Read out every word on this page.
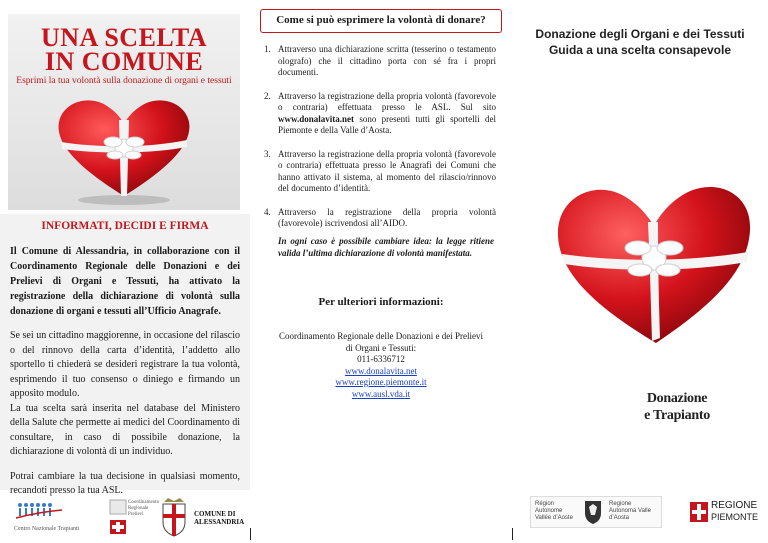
UNA SCELTA
IN COMUNE
Esprimi la tua volontà sulla donazione di organi e tessuti
INFORMATI, DECIDI E FIRMA

Il Comune di Alessandria, in collaborazione con il Coordinamento Regionale delle Donazioni e dei Prelievi di Organi e Tessuti, ha attivato la registrazione della dichiarazione di volontà sulla donazione di organi e tessuti all’Ufficio Anagrafe.

Se sei un cittadino maggiorenne, in occasione del rilascio o del rinnovo della carta d’identità, l’addetto allo sportello ti chiederà se desideri registrare la tua volontà, esprimendo il tuo consenso o diniego e firmando un apposito modulo.

La tua scelta sarà inserita nel database del Ministero della Salute che permette ai medici del Coordinamento di consultare, in caso di possibile donazione, la dichiarazione di volontà di un individuo.

Potrai cambiare la tua decisione in qualsiasi momento, recandoti presso la tua ASL.

Centro Nazionale Trapianti
Coordinamento Regionale Prelievi	COMUNE DI ALESSANDRIA
Come si può esprimere la volontà di donare?
1. Attraverso una dichiarazione scritta (tesserino o testamento olografo) che il cittadino porta con sé fra i propri documenti.
2. Attraverso la registrazione della propria volontà (favorevole o contraria) effettuata presso le ASL. Sul sito www.donalavita.net sono presenti tutti gli sportelli del Piemonte e della Valle d’Aosta.
3. Attraverso la registrazione della propria volontà (favorevole o contraria) effettuata presso le Anagrafi dei Comuni che hanno attivato il sistema, al momento del rilascio/rinnovo del documento d’identità.
4. Attraverso la registrazione della propria volontà (favorevole) iscrivendosi all’AIDO.
In ogni caso è possibile cambiare idea: la legge ritiene valida l’ultima dichiarazione di volontà manifestata.
Per ulteriori informazioni:
Coordinamento Regionale delle Donazioni e dei Prelievi
di Organi e Tessuti:
011-6336712
www.donalavita.net
www.regione.piemonte.it
www.ausl.vda.it
Donazione degli Organi e dei Tessuti
Guida a una scelta consapevole
Donazione
e Trapianto
Région Autonome Vallée d’Aoste
Regione Autonoma Valle d’Aosta
REGIONE
PIEMONTE
